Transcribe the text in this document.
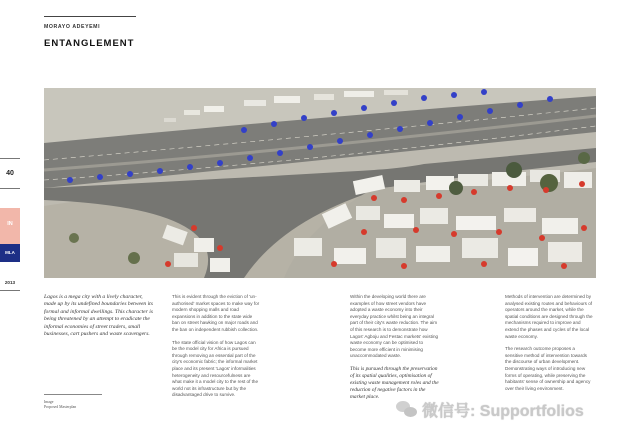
MORAYO ADEYEMI
ENTANGLEMENT
40
IN
MLA
2013
Lagos is a mega city with a lively character, made up by its undefined boundaries between its formal and informal dwellings. This character is being threatened by an attempt to eradicate the informal economies of street traders, small businesses, cart pushers and waste scavengers.
Image
Proposed Masterplan

This is evident through the eviction of 'un-authorised' market spaces to make way for modern shopping malls and road expansions in addition to the state wide ban on street hawking on major roads and the ban on independent rubbish collection.

The state official vision of how Lagos can be the model city for Africa is pursued through removing an essential part of the city's economic fabric; the informal market place and its present 'Lagos' informalities heterogeneity and resourcefulness are what make it a model city to the rest of the world not its infrastructure but by the disadvantaged drive to survive.

Within the developing world there are examples of how street vendors have adopted a waste economy into their everyday practice whilst being an integral part of their city's waste reduction. The aim of this research is to demonstrate how Lagos' Agboju and Festac markets' existing waste economy can be optimised to become more efficient in minimising unaccommodated waste.

This is pursued through the preservation of its spatial qualities, optimisation of existing waste management roles and the reduction of negative factors in the market place.

Methods of intervention are determined by analysed existing routes and behaviours of operators around the market, while the spatial conditions are designed through the mechanisms required to improve and extend the phases and cycles of the local waste economy.

The research outcome proposes a sensitive method of intervention towards the discourse of urban development. Demonstrating ways of introducing new forms of operating, while preserving the habitants' sense of ownership and agency over their living environment.

微信号: Supportfolios
